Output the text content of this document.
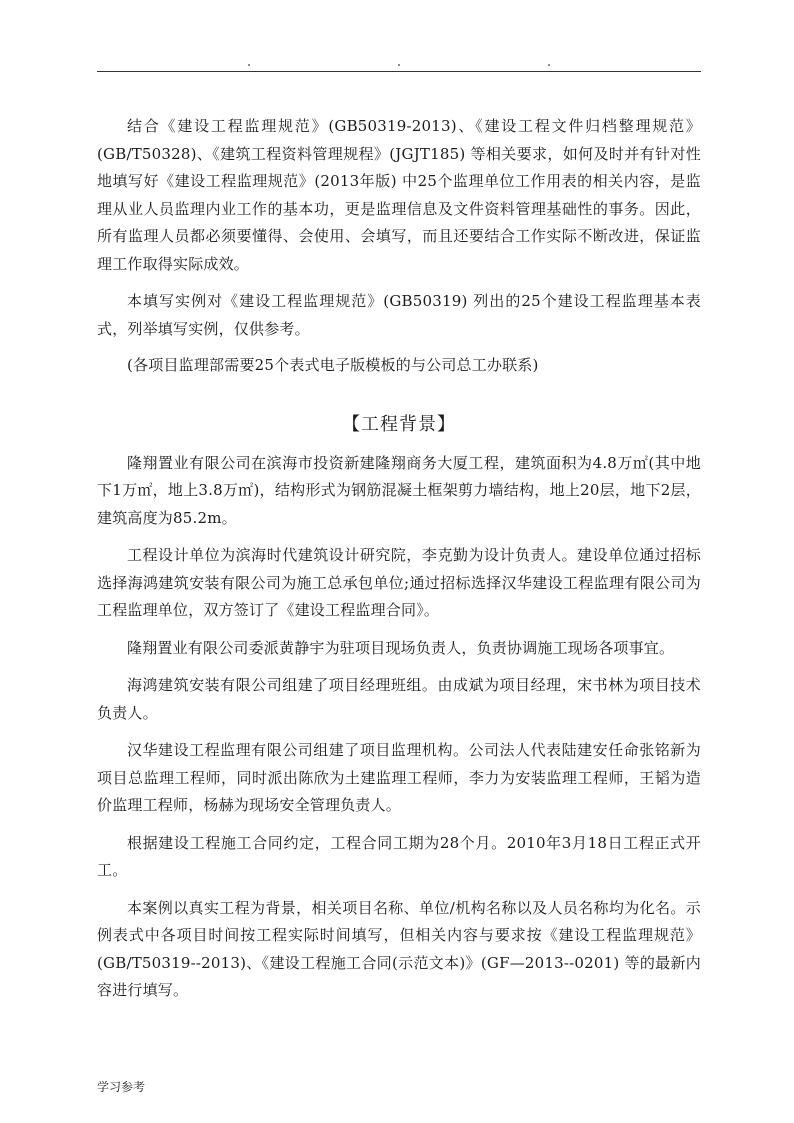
结合《建设工程监理规范》(GB50319-2013)、《建设工程文件归档整理规范》(GB/T50328)、《建筑工程资料管理规程》(JGJT185) 等相关要求，如何及时并有针对性地填写好《建设工程监理规范》(2013年版) 中25个监理单位工作用表的相关内容，是监理从业人员监理内业工作的基本功，更是监理信息及文件资料管理基础性的事务。因此，所有监理人员都必须要懂得、会使用、会填写，而且还要结合工作实际不断改进，保证监理工作取得实际成效。

本填写实例对《建设工程监理规范》(GB50319) 列出的25个建设工程监理基本表式，列举填写实例，仅供参考。

(各项目监理部需要25个表式电子版模板的与公司总工办联系)

【工程背景】

隆翔置业有限公司在滨海市投资新建隆翔商务大厦工程，建筑面积为4.8万㎡(其中地下1万㎡，地上3.8万㎡)，结构形式为钢筋混凝土框架剪力墙结构，地上20层，地下2层，建筑高度为85.2m。

工程设计单位为滨海时代建筑设计研究院，李克勤为设计负责人。建设单位通过招标选择海鸿建筑安装有限公司为施工总承包单位;通过招标选择汉华建设工程监理有限公司为工程监理单位，双方签订了《建设工程监理合同》。

隆翔置业有限公司委派黄静宇为驻项目现场负责人，负责协调施工现场各项事宜。

海鸿建筑安装有限公司组建了项目经理班组。由成斌为项目经理，宋书林为项目技术负责人。

汉华建设工程监理有限公司组建了项目监理机构。公司法人代表陆建安任命张铭新为项目总监理工程师，同时派出陈欣为土建监理工程师，李力为安装监理工程师，王韬为造价监理工程师，杨赫为现场安全管理负责人。

根据建设工程施工合同约定，工程合同工期为28个月。2010年3月18日工程正式开工。

本案例以真实工程为背景，相关项目名称、单位/机构名称以及人员名称均为化名。示例表式中各项目时间按工程实际时间填写，但相关内容与要求按《建设工程监理规范》(GB/T50319--2013)、《建设工程施工合同(示范文本)》(GF—2013--0201) 等的最新内容进行填写。

学习参考
